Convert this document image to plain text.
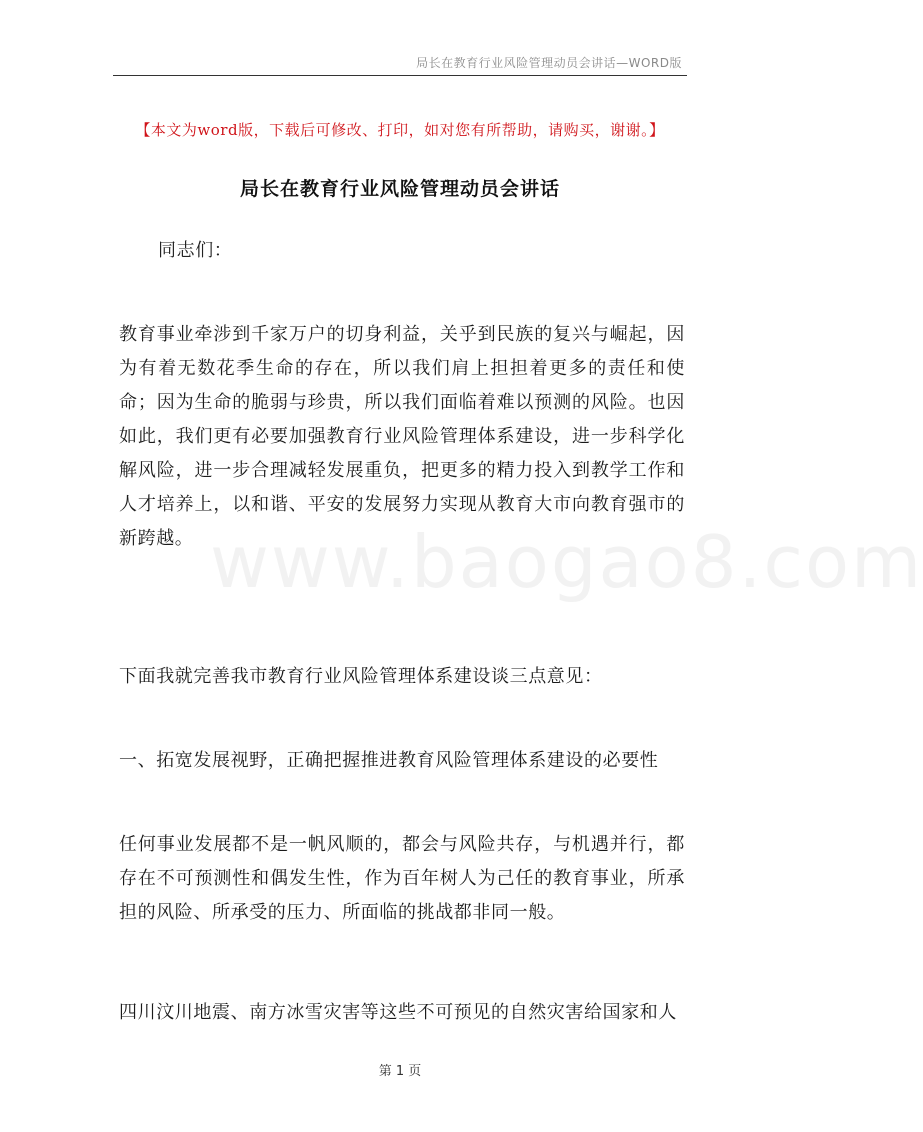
局长在教育行业风险管理动员会讲话—WORD版
www.baogao8.com
【本文为word版，下载后可修改、打印，如对您有所帮助，请购买，谢谢。】
局长在教育行业风险管理动员会讲话
同志们：
教育事业牵涉到千家万户的切身利益，关乎到民族的复兴与崛起，因为有着无数花季生命的存在，所以我们肩上担担着更多的责任和使命；因为生命的脆弱与珍贵，所以我们面临着难以预测的风险。也因如此，我们更有必要加强教育行业风险管理体系建设，进一步科学化解风险，进一步合理减轻发展重负，把更多的精力投入到教学工作和人才培养上，以和谐、平安的发展努力实现从教育大市向教育强市的新跨越。
下面我就完善我市教育行业风险管理体系建设谈三点意见：
一、拓宽发展视野，正确把握推进教育风险管理体系建设的必要性
任何事业发展都不是一帆风顺的，都会与风险共存，与机遇并行，都存在不可预测性和偶发生性，作为百年树人为己任的教育事业，所承担的风险、所承受的压力、所面临的挑战都非同一般。
四川汶川地震、南方冰雪灾害等这些不可预见的自然灾害给国家和人
第 1 页
